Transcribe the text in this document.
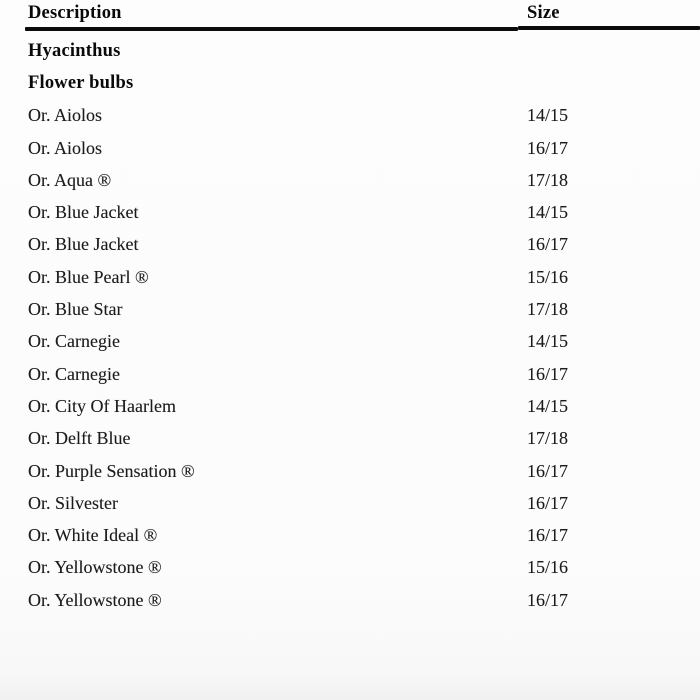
Description	Size
Hyacinthus
Flower bulbs
Or. Aiolos	14/15
Or. Aiolos	16/17
Or. Aqua ®	17/18
Or. Blue Jacket	14/15
Or. Blue Jacket	16/17
Or. Blue Pearl ®	15/16
Or. Blue Star	17/18
Or. Carnegie	14/15
Or. Carnegie	16/17
Or. City Of Haarlem	14/15
Or. Delft Blue	17/18
Or. Purple Sensation ®	16/17
Or. Silvester	16/17
Or. White Ideal ®	16/17
Or. Yellowstone ®	15/16
Or. Yellowstone ®	16/17
